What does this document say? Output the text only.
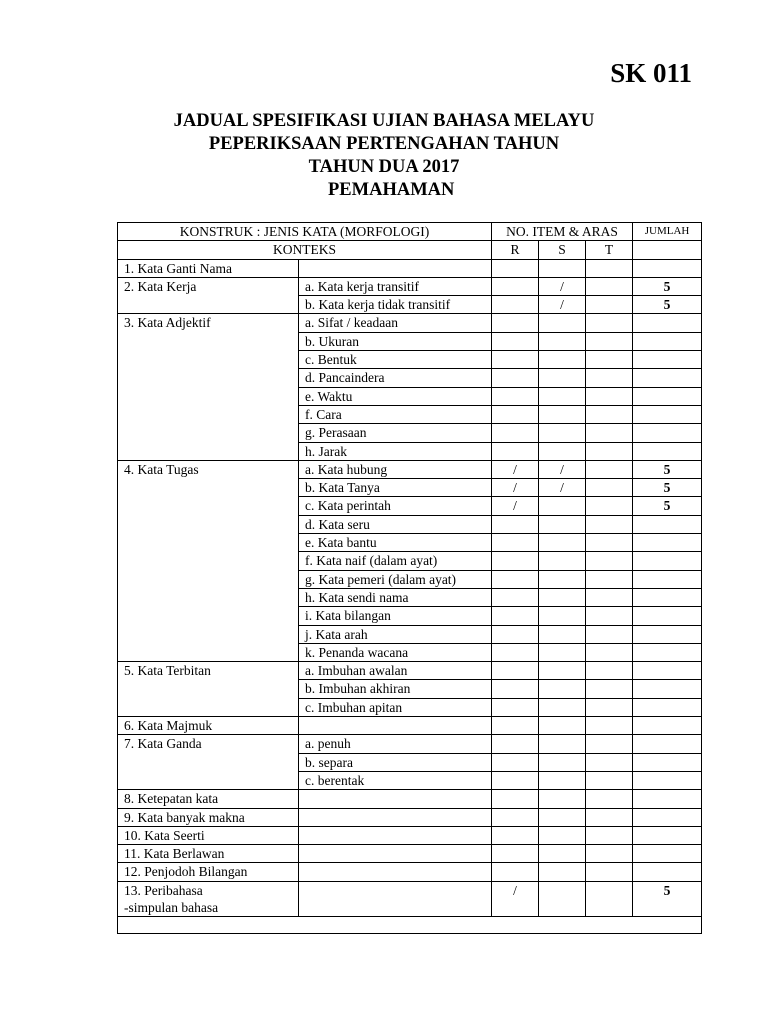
SK 011
JADUAL SPESIFIKASI UJIAN BAHASA MELAYU
PEPERIKSAAN PERTENGAHAN TAHUN
TAHUN DUA 2017
PEMAHAMAN
KONSTRUK : JENIS KATA (MORFOLOGI)		NO. ITEM & ARAS			JUMLAH
KONTEKS		R	S	T	
1. Kata Ganti Nama					
2. Kata Kerja	a. Kata kerja transitif		/		5
	b. Kata kerja tidak transitif		/		5
3. Kata Adjektif	a. Sifat / keadaan				
	b. Ukuran				
	c. Bentuk				
	d. Pancaindera				
	e. Waktu				
	f. Cara				
	g. Perasaan				
	h. Jarak				
4. Kata Tugas	a. Kata hubung	/	/		5
	b. Kata Tanya	/	/		5
	c. Kata perintah	/			5
	d. Kata seru				
	e. Kata bantu				
	f. Kata naif (dalam ayat)				
	g. Kata pemeri (dalam ayat)				
	h. Kata sendi nama				
	i. Kata bilangan				
	j. Kata arah				
	k. Penanda wacana				
5. Kata Terbitan	a. Imbuhan awalan				
	b. Imbuhan akhiran				
	c. Imbuhan apitan				
6. Kata Majmuk					
7. Kata Ganda	a. penuh				
	b. separa				
	c. berentak				
8. Ketepatan kata					
9. Kata banyak makna					
10. Kata Seerti					
11. Kata Berlawan					
12. Penjodoh Bilangan					
13. Peribahasa		/			5
-simpulan bahasa					
